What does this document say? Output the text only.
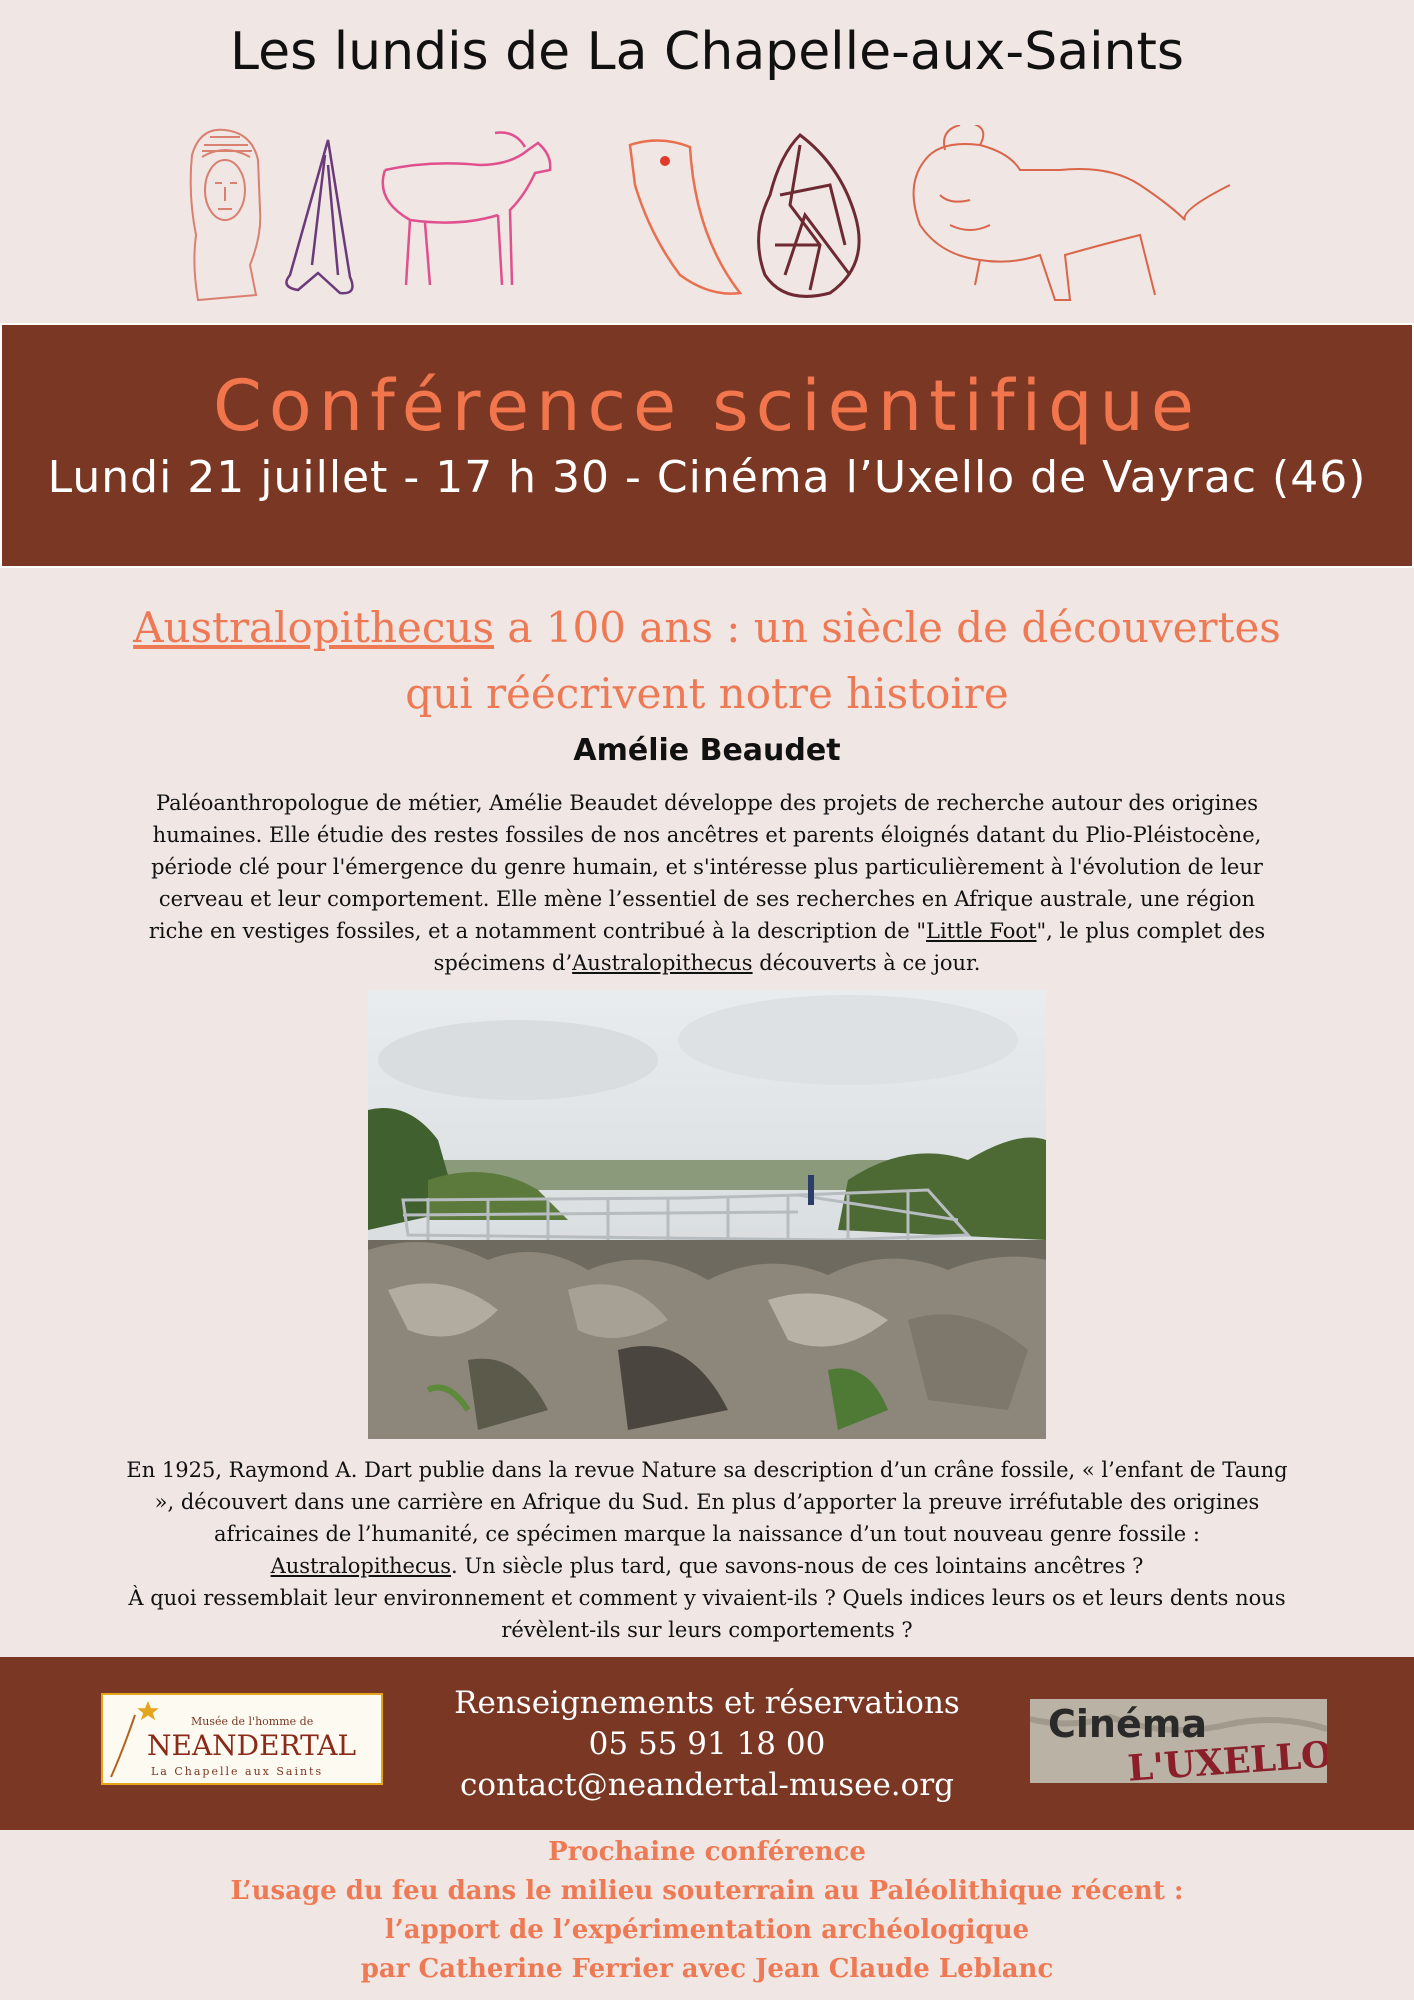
Les lundis de La Chapelle-aux-Saints
Conférence scientifique
Lundi 21 juillet - 17 h 30 - Cinéma l’Uxello de Vayrac (46)
Australopithecus a 100 ans : un siècle de découvertes
qui réécrivent notre histoire
Amélie Beaudet
Paléoanthropologue de métier, Amélie Beaudet développe des projets de recherche autour des origines humaines. Elle étudie des restes fossiles de nos ancêtres et parents éloignés datant du Plio-Pléistocène, période clé pour l'émergence du genre humain, et s'intéresse plus particulièrement à l'évolution de leur cerveau et leur comportement. Elle mène l’essentiel de ses recherches en Afrique australe, une région riche en vestiges fossiles, et a notamment contribué à la description de "Little Foot", le plus complet des spécimens d’Australopithecus découverts à ce jour.
En 1925, Raymond A. Dart publie dans la revue Nature sa description d’un crâne fossile, « l’enfant de Taung », découvert dans une carrière en Afrique du Sud. En plus d’apporter la preuve irréfutable des origines africaines de l’humanité, ce spécimen marque la naissance d’un tout nouveau genre fossile : Australopithecus. Un siècle plus tard, que savons-nous de ces lointains ancêtres ?
À quoi ressemblait leur environnement et comment y vivaient-ils ? Quels indices leurs os et leurs dents nous révèlent-ils sur leurs comportements ?
Musée de l'homme de
NEANDERTAL
La Chapelle aux Saints
Renseignements et réservations
05 55 91 18 00
contact@neandertal-musee.org
Cinéma
L'UXELLO
Prochaine conférence
L’usage du feu dans le milieu souterrain au Paléolithique récent :
l’apport de l’expérimentation archéologique
par Catherine Ferrier avec Jean Claude Leblanc
